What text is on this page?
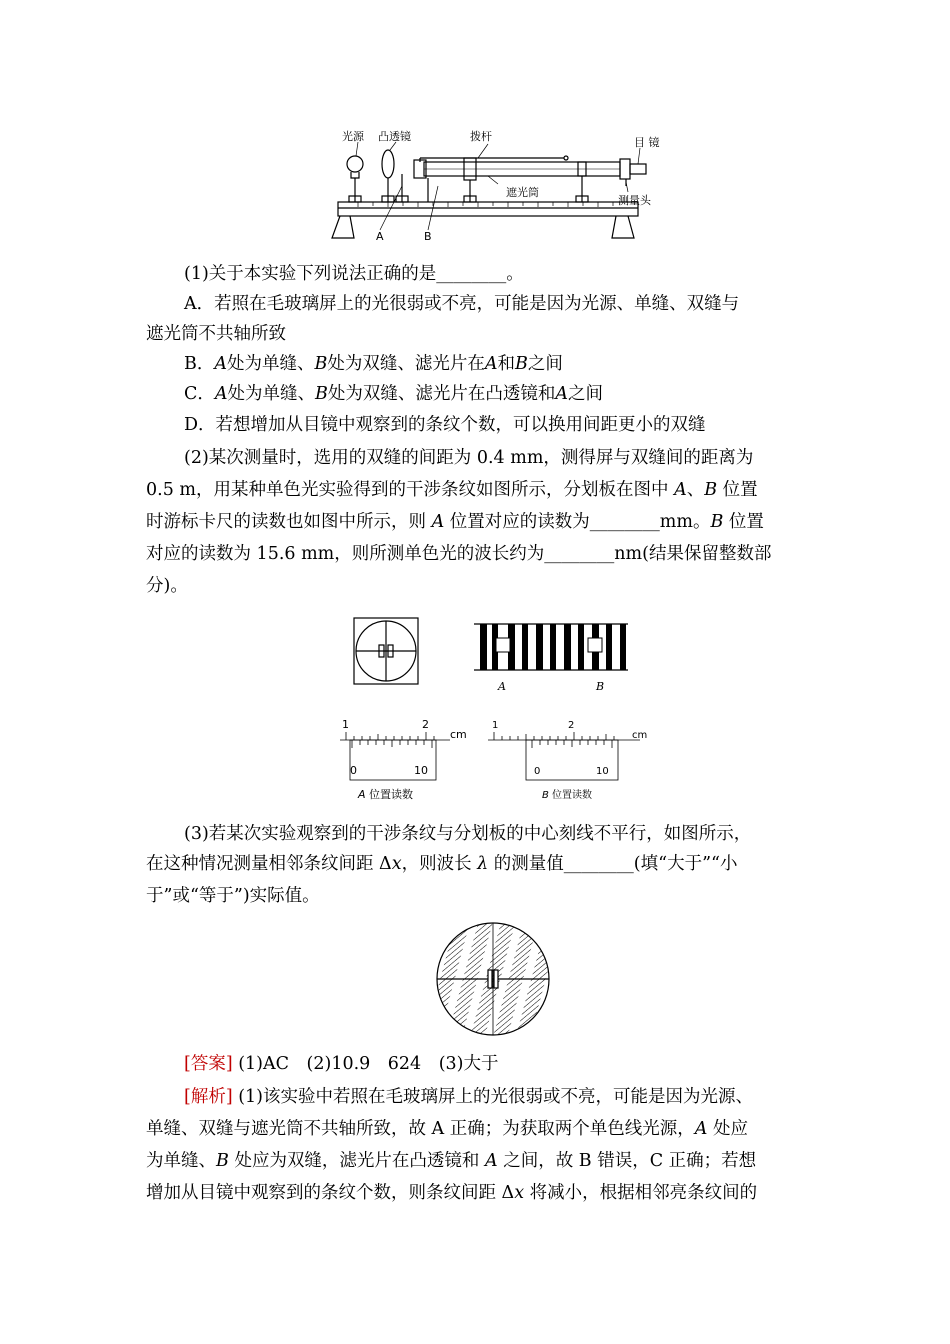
光源 凸透镜	拨杆	目 镜
遮光筒
测量头
A	B
(1)关于本实验下列说法正确的是________。
A．若照在毛玻璃屏上的光很弱或不亮，可能是因为光源、单缝、双缝与
遮光筒不共轴所致
B．A处为单缝、B处为双缝、滤光片在A和B之间
C．A处为单缝、B处为双缝、滤光片在凸透镜和A之间
D．若想增加从目镜中观察到的条纹个数，可以换用间距更小的双缝
(2)某次测量时，选用的双缝的间距为 0.4 mm，测得屏与双缝间的距离为
0.5 m，用某种单色光实验得到的干涉条纹如图所示，分划板在图中 A、B 位置
时游标卡尺的读数也如图中所示，则 A 位置对应的读数为________mm。B 位置
对应的读数为 15.6 mm，则所测单色光的波长约为________nm(结果保留整数部
分)。
A	B
1	2
cm
0	10
A 位置读数
1	2
cm
0	10
B 位置读数
(3)若某次实验观察到的干涉条纹与分划板的中心刻线不平行，如图所示，
在这种情况测量相邻条纹间距 Δx，则波长 λ 的测量值________(填“大于”“小
于”或“等于”)实际值。
[答案] (1)AC　(2)10.9　624　(3)大于
[解析] (1)该实验中若照在毛玻璃屏上的光很弱或不亮，可能是因为光源、
单缝、双缝与遮光筒不共轴所致，故 A 正确；为获取两个单色线光源，A 处应
为单缝、B 处应为双缝，滤光片在凸透镜和 A 之间，故 B 错误，C 正确；若想
增加从目镜中观察到的条纹个数，则条纹间距 Δx 将减小，根据相邻亮条纹间的
